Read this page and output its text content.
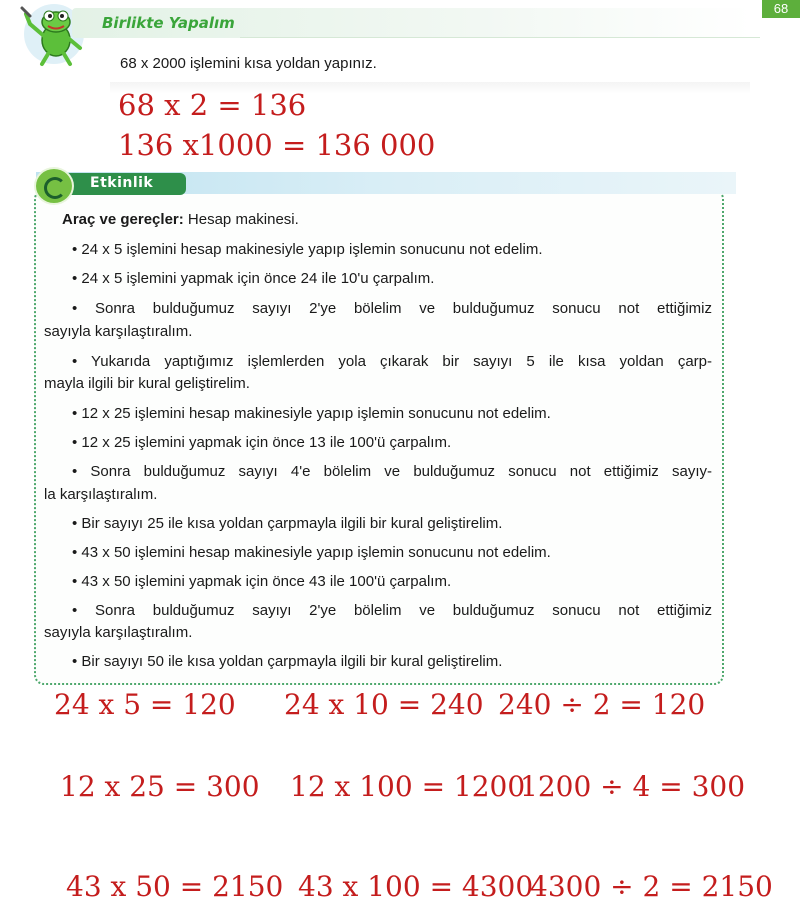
68
Birlikte Yapalım
68 x 2000 işlemini kısa yoldan yapınız.
68 x 2 = 136
136 x1000 = 136 000
Etkinlik
Araç ve gereçler: Hesap makinesi.
• 24 x 5 işlemini hesap makinesiyle yapıp işlemin sonucunu not edelim.
• 24 x 5 işlemini yapmak için önce 24 ile 10'u çarpalım.
• Sonra bulduğumuz sayıyı 2'ye bölelim ve bulduğumuz sonucu not ettiğimiz
sayıyla karşılaştıralım.
• Yukarıda yaptığımız işlemlerden yola çıkarak bir sayıyı 5 ile kısa yoldan çarp-
mayla ilgili bir kural geliştirelim.
• 12 x 25 işlemini hesap makinesiyle yapıp işlemin sonucunu not edelim.
• 12 x 25 işlemini yapmak için önce 13 ile 100'ü çarpalım.
• Sonra bulduğumuz sayıyı 4'e bölelim ve bulduğumuz sonucu not ettiğimiz sayıy-
la karşılaştıralım.
• Bir sayıyı 25 ile kısa yoldan çarpmayla ilgili bir kural geliştirelim.
• 43 x 50 işlemini hesap makinesiyle yapıp işlemin sonucunu not edelim.
• 43 x 50 işlemini yapmak için önce 43 ile 100'ü çarpalım.
• Sonra bulduğumuz sayıyı 2'ye bölelim ve bulduğumuz sonucu not ettiğimiz
sayıyla karşılaştıralım.
• Bir sayıyı 50 ile kısa yoldan çarpmayla ilgili bir kural geliştirelim.
24 x 5 = 120 24 x 10 = 240 240 ÷ 2 = 120
12 x 25 = 300 12 x 100 = 1200
1200 ÷ 4 = 300
43 x 50 = 2150 43 x 100 = 4300
4300 ÷ 2 = 2150
